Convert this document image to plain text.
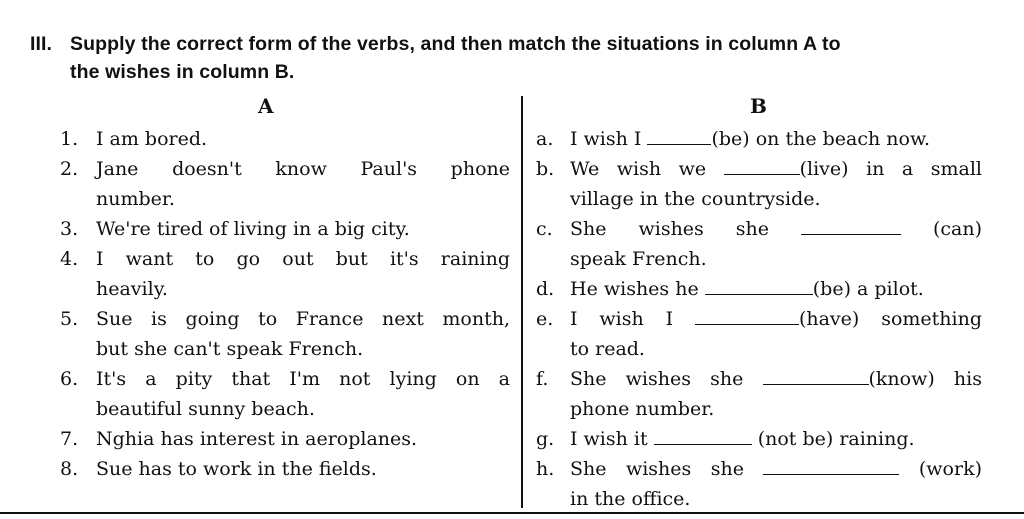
III. Supply the correct form of the verbs, and then match the situations in column A to
the wishes in column B.
A	B
1. I am bored.
2. Jane doesn't know Paul's phone
number.
3. We're tired of living in a big city.
4. I want to go out but it's raining
heavily.
5. Sue is going to France next month,
but she can't speak French.
6. It's a pity that I'm not lying on a
beautiful sunny beach.
7. Nghia has interest in aeroplanes.
8. Sue has to work in the fields.
a. I wish I	(be) on the beach now.
b. We wish we	(live) in a small
village in the countryside.
c. She wishes she	(can)
speak French.
d. He wishes he	(be) a pilot.
e. I wish I	(have) something
to read.
f.	She wishes she	(know) his
phone number.
g. I wish it	(not be) raining.
h. She wishes she	(work)
in the office.
